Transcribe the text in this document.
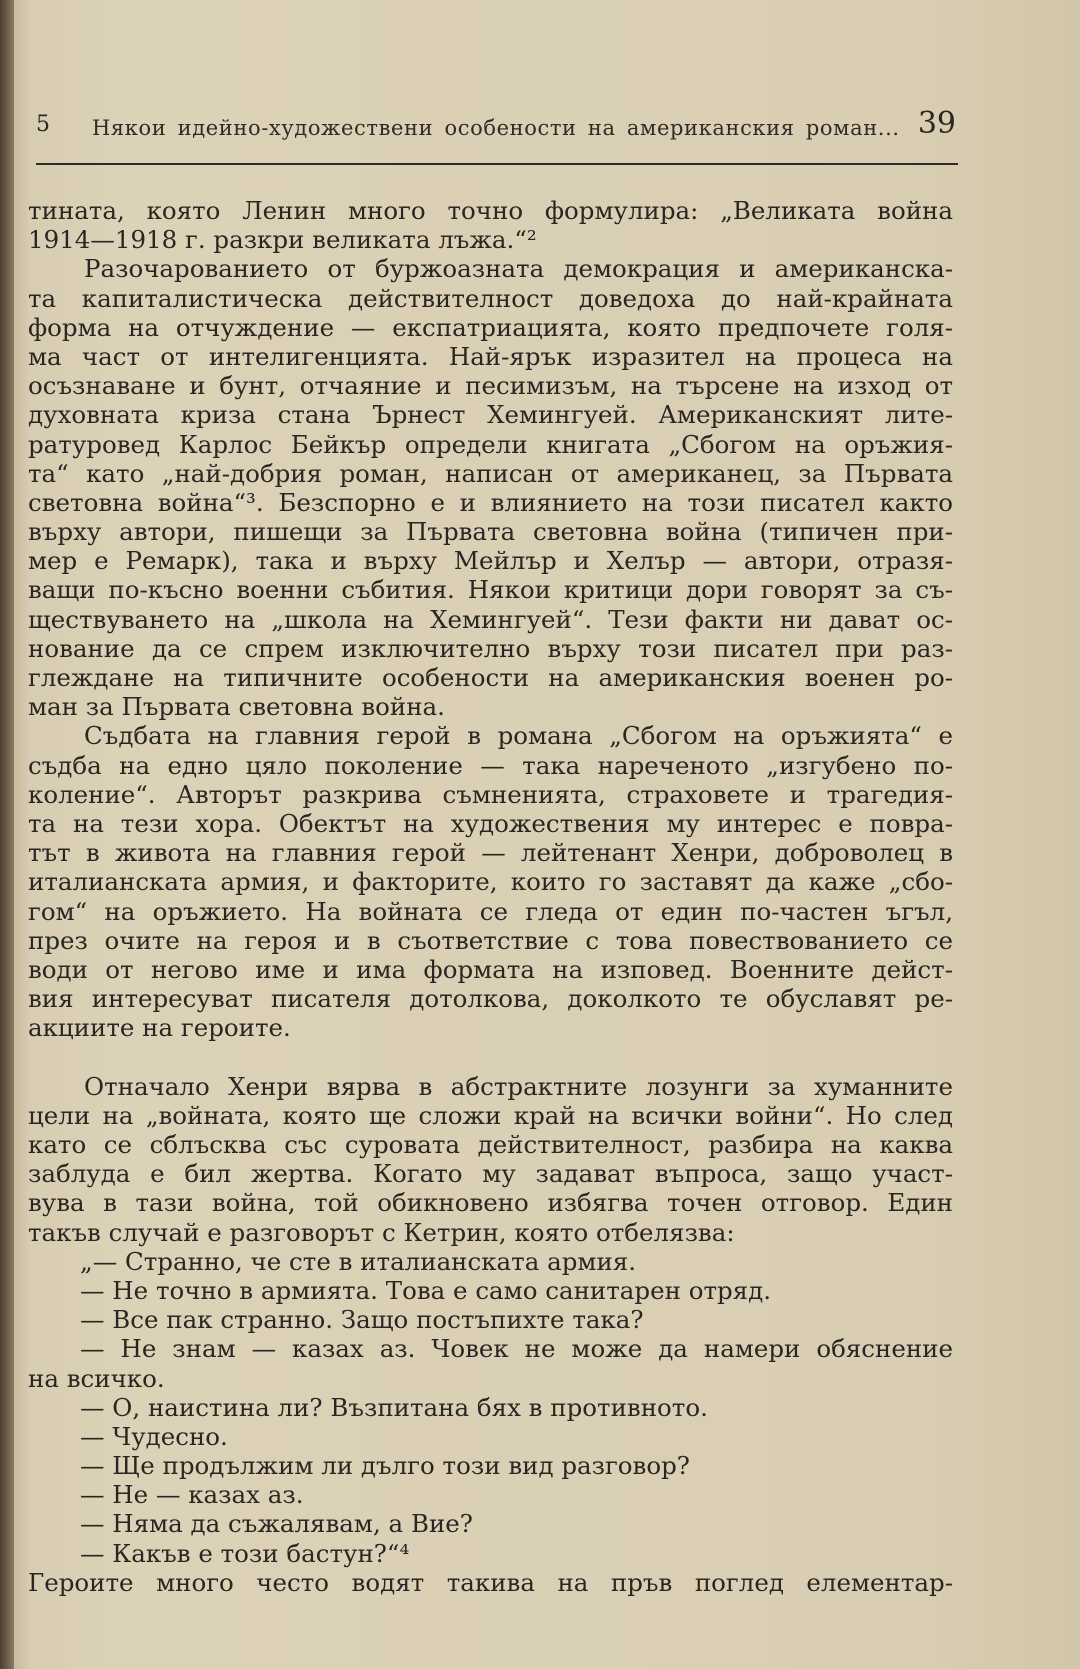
5 Някои идейно-художествени особености на американския роман... 39
тината, която Ленин много точно формулира: „Великата война
1914—1918 г. разкри великата лъжа.“²
Разочарованието от буржоазната демокрация и американска-
та капиталистическа действителност доведоха до най-крайната
форма на отчуждение — експатриацията, която предпочете голя-
ма част от интелигенцията. Най-ярък изразител на процеса на
осъзнаване и бунт, отчаяние и песимизъм, на търсене на изход от
духовната криза стана Ърнест Хемингуей. Американският лите-
ратуровед Карлос Бейкър определи книгата „Сбогом на оръжия-
та“ като „най-добрия роман, написан от американец, за Първата
световна война“³. Безспорно е и влиянието на този писател както
върху автори, пишещи за Първата световна война (типичен при-
мер е Ремарк), така и върху Мейлър и Хелър — автори, отразя-
ващи по-късно военни събития. Някои критици дори говорят за съ-
ществуването на „школа на Хемингуей“. Тези факти ни дават ос-
нование да се спрем изключително върху този писател при раз-
глеждане на типичните особености на американския военен ро-
ман за Първата световна война.
Съдбата на главния герой в романа „Сбогом на оръжията“ е
съдба на едно цяло поколение — така нареченото „изгубено по-
коление“. Авторът разкрива съмненията, страховете и трагедия-
та на тези хора. Обектът на художествения му интерес е повра-
тът в живота на главния герой — лейтенант Хенри, доброволец в
италианската армия, и факторите, които го заставят да каже „сбо-
гом“ на оръжието. На войната се гледа от един по-частен ъгъл,
през очите на героя и в съответствие с това повествованието се
води от негово име и има формата на изповед. Военните дейст-
вия интересуват писателя дотолкова, доколкото те обуславят ре-
акциите на героите.
Отначало Хенри вярва в абстрактните лозунги за хуманните
цели на „войната, която ще сложи край на всички войни“. Но след
като се сблъсква със суровата действителност, разбира на каква
заблуда е бил жертва. Когато му задават въпроса, защо участ-
вува в тази война, той обикновено избягва точен отговор. Един
такъв случай е разговорът с Кетрин, която отбелязва:
„— Странно, че сте в италианската армия.
— Не точно в армията. Това е само санитарен отряд.
— Все пак странно. Защо постъпихте така?
— Не знам — казах аз. Човек не може да намери обяснение
на всичко.
— О, наистина ли? Възпитана бях в противното.
— Чудесно.
— Ще продължим ли дълго този вид разговор?
— Не — казах аз.
— Няма да съжалявам, а Вие?
— Какъв е този бастун?“⁴
Героите много често водят такива на пръв поглед елементар-
